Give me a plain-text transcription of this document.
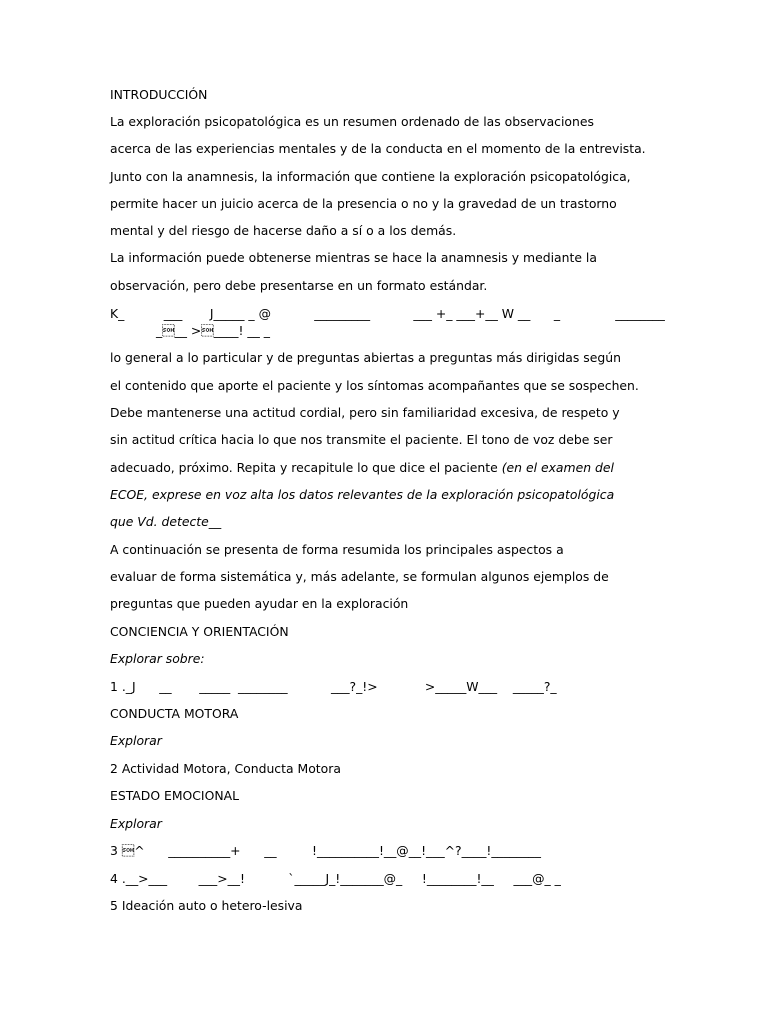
INTRODUCCIÓN
La exploración psicopatológica es un resumen ordenado de las observaciones
acerca de las experiencias mentales y de la conducta en el momento de la entrevista.
Junto con la anamnesis, la información que contiene la exploración psicopatológica,
permite hacer un juicio acerca de la presencia o no y la gravedad de un trastorno
mental y del riesgo de hacerse daño a sí o a los demás.
La información puede obtenerse mientras se hace la anamnesis y mediante la
observación, pero debe presentarse en un formato estándar.
K_          ___       J_____ _ @           _________           ___ +_ ___+__ W __      _              ________
___ >____! __ _
lo general a lo particular y de preguntas abiertas a preguntas más dirigidas según
el contenido que aporte el paciente y los síntomas acompañantes que se sospechen.
Debe mantenerse una actitud cordial, pero sin familiaridad excesiva, de respeto y
sin actitud crítica hacia lo que nos transmite el paciente. El tono de voz debe ser
adecuado, próximo. Repita y recapitule lo que dice el paciente (en el examen del
ECOE, exprese en voz alta los datos relevantes de la exploración psicopatológica
que Vd. detecte__
A continuación se presenta de forma resumida los principales aspectos a
evaluar de forma sistemática y, más adelante, se formulan algunos ejemplos de
preguntas que pueden ayudar en la exploración
CONCIENCIA Y ORIENTACIÓN
Explorar sobre:
1 ._J      __       _____  ________           ___?_!>            >_____W___    _____?_
CONDUCTA MOTORA
Explorar
2 Actividad Motora, Conducta Motora
ESTADO EMOCIONAL
Explorar
3 ^      __________+      __         !__________!__@__!___^?____!________
4 .__>___        ___>__!           `_____J_!_______@_     !________!__     ___@_ _
5 Ideación auto o hetero-lesiva
